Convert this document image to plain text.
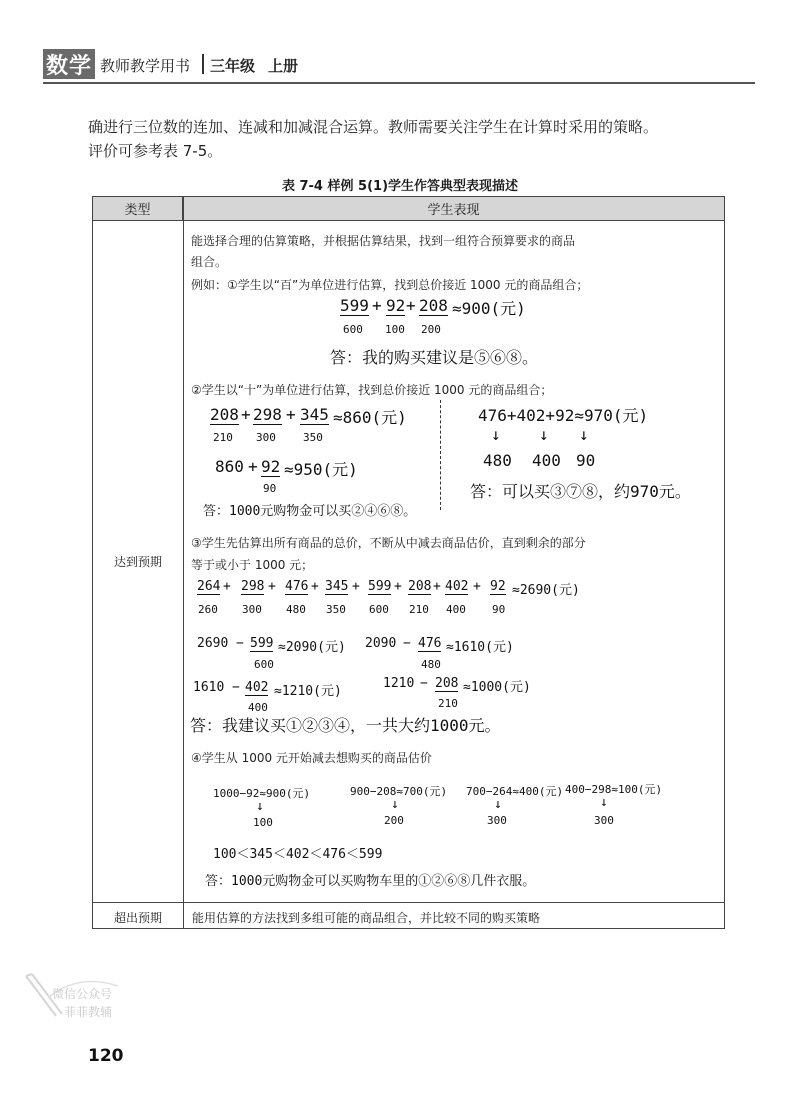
数学 教师教学用书 三年级 上册
确进行三位数的连加、连减和加减混合运算。教师需要关注学生在计算时采用的策略。
评价可参考表 7-5。
表 7-4 样例 5(1)学生作答典型表现描述
类型	学生表现
达到预期
超出预期	能用估算的方法找到多组可能的商品组合，并比较不同的购买策略
能选择合理的估算策略，并根据估算结果，找到一组符合预算要求的商品
组合。
例如：①学生以“百”为单位进行估算，找到总价接近 1000 元的商品组合；
599 + 92 + 208 ≈900(元)
600 100 200
答：我的购买建议是⑤⑥⑧。
②学生以“十”为单位进行估算，找到总价接近 1000 元的商品组合；
208 + 298 + 345 ≈860(元)
210 300 350
860 + 92 ≈950(元)
90
答：1000元购物金可以买②④⑥⑧。
476+402+92≈970(元)
↓ ↓ ↓
480 400 90
答：可以买③⑦⑧，约970元。
③学生先估算出所有商品的总价，不断从中减去商品估价，直到剩余的部分
等于或小于 1000 元；
264 + 298 + 476 + 345 + 599 + 208 + 402 + 92 ≈2690(元)
260 300 480 350 600 210 400 90
2690 − 599 ≈2090(元)
600
2090 − 476 ≈1610(元)
480
1610 − 402 ≈1210(元)
400
1210 − 208 ≈1000(元)
210
答：我建议买①②③④，一共大约1000元。
④学生从 1000 元开始减去想购买的商品估价
1000−92≈900(元)
↓
100
900−208≈700(元)
↓
200
700−264≈400(元)
↓
300
400−298≈100(元)
↓
300
100＜345＜402＜476＜599
答：1000元购物金可以买购物车里的①②⑥⑧几件衣服。
微信公众号
菲菲教辅
120
